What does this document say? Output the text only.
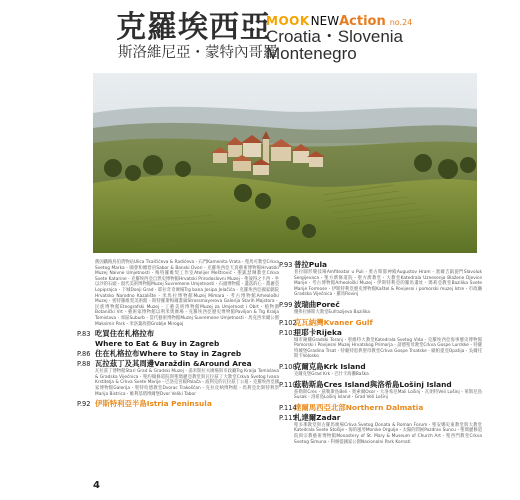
克羅埃西亞
斯洛維尼亞・蒙特內哥羅
MOOKNEWAction no.24
Croatia・Slovenia
Montenegro
舊因鐵路鳥伯貨物站Ulica Tkalčićeva & Radićeva・石門Kamenita Vrata・聖馬可教堂Crkva Svetog Marka・國會和總督府Sabor & Banski Dvori・克羅埃西亞天真藝術博物館Hrvatski Muzej Naivne Umjetnosti・梅特羅維契工作室Atelijer Meštrović・聖凱瑟琳教堂Crkva Svete Katarine・克羅埃西亞自然史博物館Hrvatski Prirodoslovni Muzej・聖彼得之卡西・坐以沙的石頭・現代美術博物館Muzej Suvremene Umjetnosti・石頭博物館・遺落的心・喬麗亞Lopiprajca・下城Donji Grad・耶拉奇奇廣場Trg bana Josipa Jelačića・克羅埃西亞國家劇院Hrvatsko Narodno Kazalište・米馬拉博物館Muzej Mimara・考古博物館Arheološki Muzej・密特羅維契美術館・斯特羅斯梅爾畫廊Strossmayerova Galerija Starih Majstora・民族博物館Etnografski Muzej・工藝美術博物館Muzej za Umjetnost i Obrt・植物園Botanički Vrt・藝術家博物館以利米奧廣場・克羅埃西亞歷史博物館Paviljon & Trg Kralja Tomislava・郊區Suburb・當代藝術博物館Muzej Suvremene Umjetnosti・馬克西米爾公園Maksimir Park・米洛葉故園Groblje Mirogoj
P.83 吃買住在札格拉布
Where to Eat & Buy in Zagreb
P.86 住在札格拉布Where to Stay in Zagreb
P.88 瓦拉茲丁及其周邊Varaždin &Around Area
瓦拉茲丁博物館Stari Grad & Gradski Muzej・湯米斯拉夫廣場與市政廳Trg Kralja Tomislava & Gradska Vijećnica・聖約翰修道院與聖瑪麗亞教堂與瓦拉茲丁大教堂Crkva Svetog Ivana Krstitelja & Crkva Svete Marije・巴洛克宮殿Palača・波利克的瓦拉茲丁公墓・克羅埃西亞國家博物館Galerija・聖特哈德教堂Dvorac Trakošćan・克拉皮納博物館・馬利亞比斯特利察Marija Bistrica・維利基塔博爾堡Dvor Veliki Tabor
P.92 伊斯特利亞半島Istria Peninsula
P.93 普拉Pula
普拉圓形競技場Amfiteatar u Puli・奧古斯都神殿Augustov Hram・塞爾吉凱旋門Slavoluk Sergijevaca・聖方濟修道院・聖方濟教堂・大教堂Katedrala Uznesenja Blažene Djevice Marije・考古博物館Arheološki Muzej・伊斯特利亞的羅馬遺址・瑪莉亞教堂Bazilika Svete Marije Formose・伊斯特利亞歷史博物館Kaštel & Povijesni i pomorski muzej Istre・市政廳Gradska Vijećnica・羅馬Rovinj
P.99 波瑞曲Poreč
優弗拉修斯大教堂Eufrazijeva Bazilika
P.102
克瓦納灣Kvaner Gulf
P.103
里耶卡Rijeka
城市鐘樓Gradski Toranj・聖維特大教堂Katedrala Svetog Vida・克羅埃西亞海事歷史博物館Pomorski i Povijesni Muzej Hrvatskog Primorja・諸德聖母教堂Crkva Gospe Lurdske・特薩特城堡Gradina Trsat・特薩特恩典聖母教堂Crkva Gospe Trsatske・歐帕提亞Opatija・吳爾托斯卡Volosko
P.108
克爾克島Krk Island
克爾克堡Grad Krk・巴什卡海灘Baška
P.110
茲勒斯島Cres Island與洛希島Lošinj Island
茲勒斯Cres・茲勒斯島Beli・奧索爾Osor・大洛希尼Mali Lošinj・瓦朗特Veli Lošinj・萊斯尼島Susak・洛希島Lošinj Island・Grad Veli Lošinj
P.114
達爾馬西亞北部Northern Dalmatia
P.115
札達爾Zadar
聖多那教堂與古羅馬廣場Crkva Svetog Donata & Roman Forum・聖安娜史東教堂與大教堂Katedrala Svete Stošije・海的風琴Morske Orgulje・太陽的問候Pozdrav Suncu・聖瑪麗修道院與宗教藝術博物館Monastery of St. Mary & Museum of Church Art・聖西門教堂Crkva Svetog Šimuna・科納提國家公園Nacionalni Park Kornati
4
